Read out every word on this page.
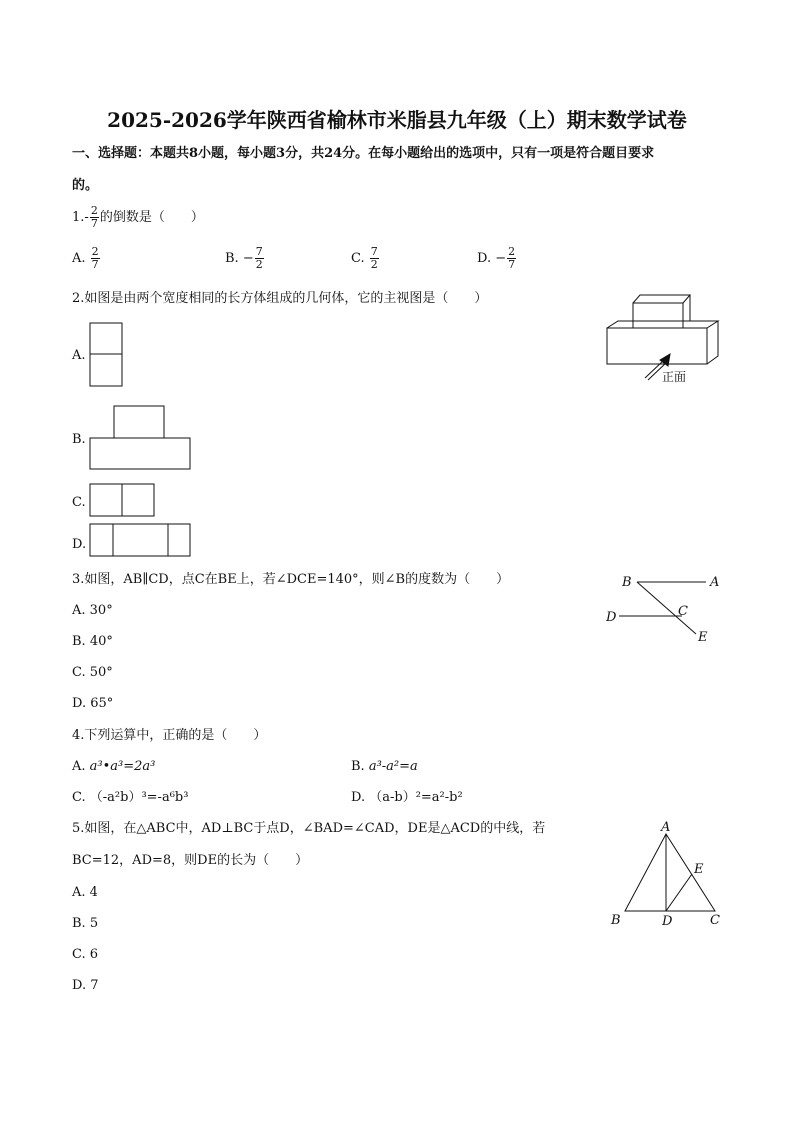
2025-2026学年陕西省榆林市米脂县九年级（上）期末数学试卷
一、选择题：本题共8小题，每小题3分，共24分。在每小题给出的选项中，只有一项是符合题目要求
的。
$1.- \frac{2}{7}$ 的倒数是（　　）
A. $\frac{2}{7}$	B. − $\frac{7}{2}$	C. $\frac{7}{2}$	D. − $\frac{2}{7}$
2.如图是由两个宽度相同的长方体组成的几何体，它的主视图是（　　）
正面
A.
B.
C.
D.
3.如图，AB∥CD，点C在BE上，若∠DCE=140°，则∠B的度数为（　　）	B	A
C
D
E
A. 30°
B. 40°
C. 50°
D. 65°
4.下列运算中，正确的是（　　）
A. a³•a³=2a³	B. a³-a²=a
C. （-a²b）³=-a⁶b³	D. （a-b）²=a²-b²
5.如图，在△ABC中，AD⊥BC于点D，∠BAD=∠CAD，DE是△ACD的中线，若
BC=12，AD=8，则DE的长为（　　）
A
E
B	D	C
A. 4
B. 5
C. 6
D. 7
